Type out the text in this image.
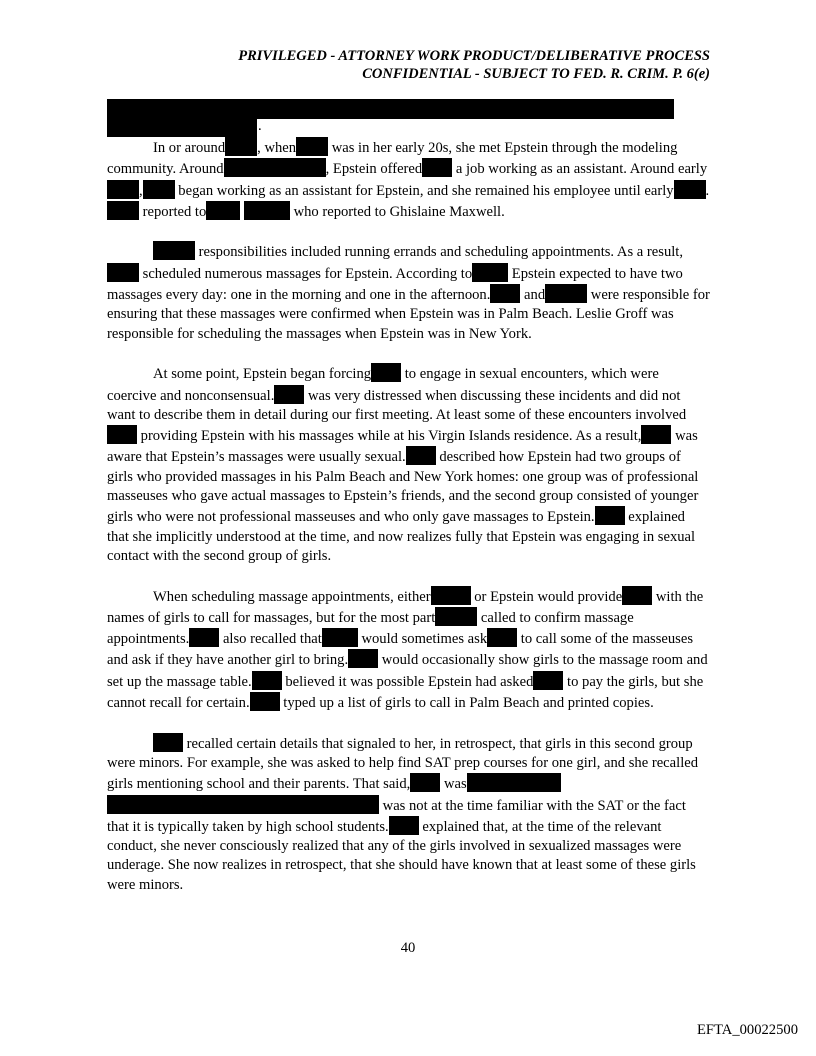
PRIVILEGED - ATTORNEY WORK PRODUCT/DELIBERATIVE PROCESS
CONFIDENTIAL - SUBJECT TO FED. R. CRIM. P. 6(e)
.

In or around , when was in her early 20s, she met Epstein through the modeling community. Around	, Epstein offered a job working as an assistant. Around early, began working as an assistant for Epstein, and she remained his employee until early . reported to	who reported to Ghislaine Maxwell.

responsibilities included running errands and scheduling appointments. As a result, scheduled numerous massages for Epstein. According to Epstein expected to have two massages every day: one in the morning and one in the afternoon. and	were responsible for ensuring that these massages were confirmed when Epstein was in Palm Beach. Leslie Groff was responsible for scheduling the massages when Epstein was in New York.

At some point, Epstein began forcing to engage in sexual encounters, which were coercive and nonconsensual. was very distressed when discussing these incidents and did not want to describe them in detail during our first meeting. At least some of these encounters involved providing Epstein with his massages while at his Virgin Islands residence. As a result, was aware that Epstein’s massages were usually sexual. described how Epstein had two groups of girls who provided massages in his Palm Beach and New York homes: one group was of professional masseuses who gave actual massages to Epstein’s friends, and the second group consisted of younger girls who were not professional masseuses and who only gave massages to Epstein. explained that she implicitly understood at the time, and now realizes fully that Epstein was engaging in sexual contact with the second group of girls.

When scheduling massage appointments, either	or Epstein would provide with the names of girls to call for massages, but for the most part	called to confirm massage appointments. also recalled that would sometimes ask to call some of the masseuses and ask if they have another girl to bring. would occasionally show girls to the massage room and set up the massage table. believed it was possible Epstein had asked to pay the girls, but she cannot recall for certain. typed up a list of girls to call in Palm Beach and printed copies.

recalled certain details that signaled to her, in retrospect, that girls in this second group were minors. For example, she was asked to help find SAT prep courses for one girl, and she recalled girls mentioning school and their parents. That said, was  was not at the time familiar with the SAT or the fact that it is typically taken by high school students. explained that, at the time of the relevant conduct, she never consciously realized that any of the girls involved in sexualized massages were underage. She now realizes in retrospect, that she should have known that at least some of these girls were minors.

40
EFTA_00022500
